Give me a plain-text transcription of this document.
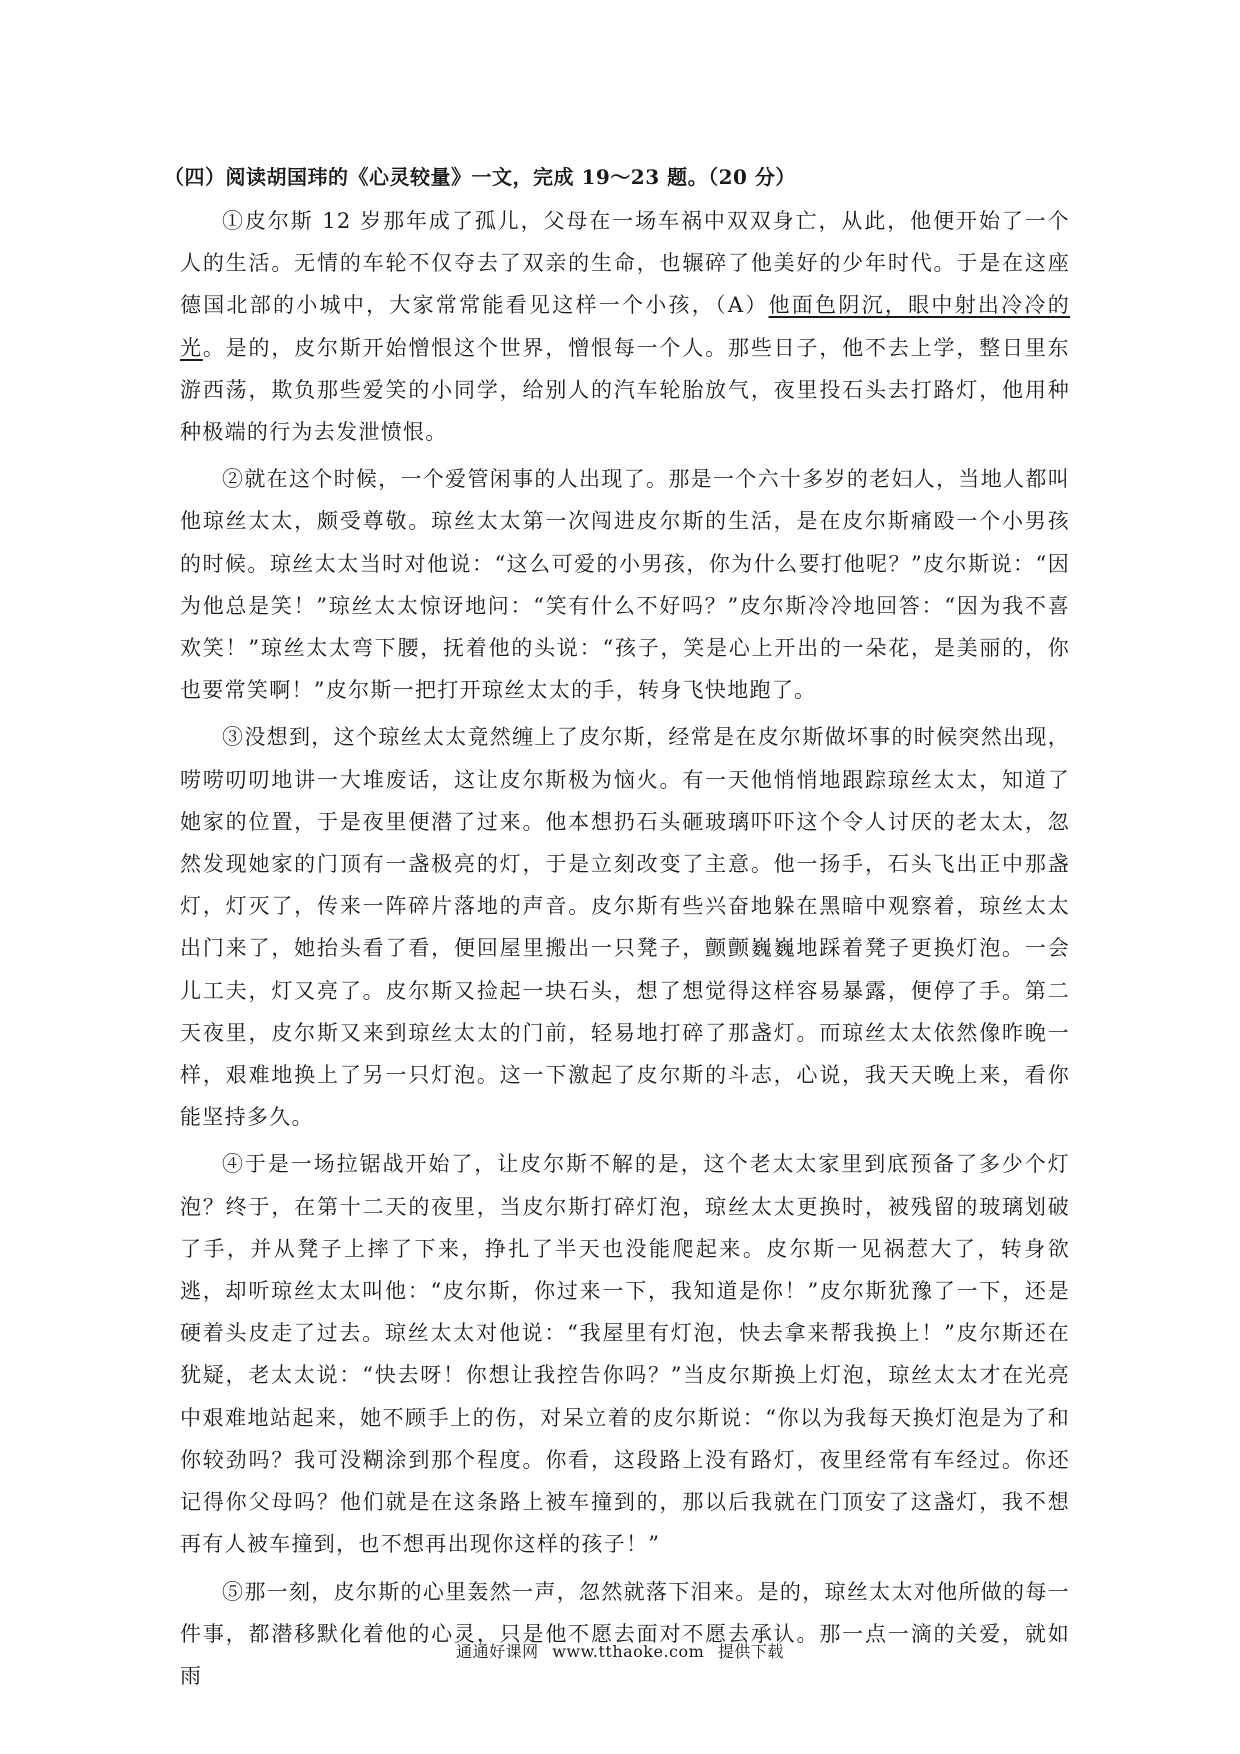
（四）阅读胡国玮的《心灵较量》一文，完成 19～23 题。（20 分）

①皮尔斯 12 岁那年成了孤儿，父母在一场车祸中双双身亡，从此，他便开始了一个人的生活。无情的车轮不仅夺去了双亲的生命，也辗碎了他美好的少年时代。于是在这座德国北部的小城中，大家常常能看见这样一个小孩，（A）他面色阴沉，眼中射出冷冷的光。是的，皮尔斯开始憎恨这个世界，憎恨每一个人。那些日子，他不去上学，整日里东游西荡，欺负那些爱笑的小同学，给别人的汽车轮胎放气，夜里投石头去打路灯，他用种种极端的行为去发泄愤恨。

②就在这个时候，一个爱管闲事的人出现了。那是一个六十多岁的老妇人，当地人都叫他琼丝太太，颇受尊敬。琼丝太太第一次闯进皮尔斯的生活，是在皮尔斯痛殴一个小男孩的时候。琼丝太太当时对他说：“这么可爱的小男孩，你为什么要打他呢？”皮尔斯说：“因为他总是笑！”琼丝太太惊讶地问：“笑有什么不好吗？”皮尔斯冷冷地回答：“因为我不喜欢笑！”琼丝太太弯下腰，抚着他的头说：“孩子，笑是心上开出的一朵花，是美丽的，你也要常笑啊！”皮尔斯一把打开琼丝太太的手，转身飞快地跑了。

③没想到，这个琼丝太太竟然缠上了皮尔斯，经常是在皮尔斯做坏事的时候突然出现，唠唠叨叨地讲一大堆废话，这让皮尔斯极为恼火。有一天他悄悄地跟踪琼丝太太，知道了她家的位置，于是夜里便潜了过来。他本想扔石头砸玻璃吓吓这个令人讨厌的老太太，忽然发现她家的门顶有一盏极亮的灯，于是立刻改变了主意。他一扬手，石头飞出正中那盏灯，灯灭了，传来一阵碎片落地的声音。皮尔斯有些兴奋地躲在黑暗中观察着，琼丝太太出门来了，她抬头看了看，便回屋里搬出一只凳子，颤颤巍巍地踩着凳子更换灯泡。一会儿工夫，灯又亮了。皮尔斯又捡起一块石头，想了想觉得这样容易暴露，便停了手。第二天夜里，皮尔斯又来到琼丝太太的门前，轻易地打碎了那盏灯。而琼丝太太依然像昨晚一样，艰难地换上了另一只灯泡。这一下激起了皮尔斯的斗志，心说，我天天晚上来，看你能坚持多久。

④于是一场拉锯战开始了，让皮尔斯不解的是，这个老太太家里到底预备了多少个灯泡？终于，在第十二天的夜里，当皮尔斯打碎灯泡，琼丝太太更换时，被残留的玻璃划破了手，并从凳子上摔了下来，挣扎了半天也没能爬起来。皮尔斯一见祸惹大了，转身欲逃，却听琼丝太太叫他：“皮尔斯，你过来一下，我知道是你！”皮尔斯犹豫了一下，还是硬着头皮走了过去。琼丝太太对他说：“我屋里有灯泡，快去拿来帮我换上！”皮尔斯还在犹疑，老太太说：“快去呀！你想让我控告你吗？”当皮尔斯换上灯泡，琼丝太太才在光亮中艰难地站起来，她不顾手上的伤，对呆立着的皮尔斯说：“你以为我每天换灯泡是为了和你较劲吗？我可没糊涂到那个程度。你看，这段路上没有路灯，夜里经常有车经过。你还记得你父母吗？他们就是在这条路上被车撞到的，那以后我就在门顶安了这盏灯，我不想再有人被车撞到，也不想再出现你这样的孩子！”

⑤那一刻，皮尔斯的心里轰然一声，忽然就落下泪来。是的，琼丝太太对他所做的每一件事，都潜移默化着他的心灵，只是他不愿去面对不愿去承认。那一点一滴的关爱，就如雨

通通好课网 www.tthaoke.com 提供下载
